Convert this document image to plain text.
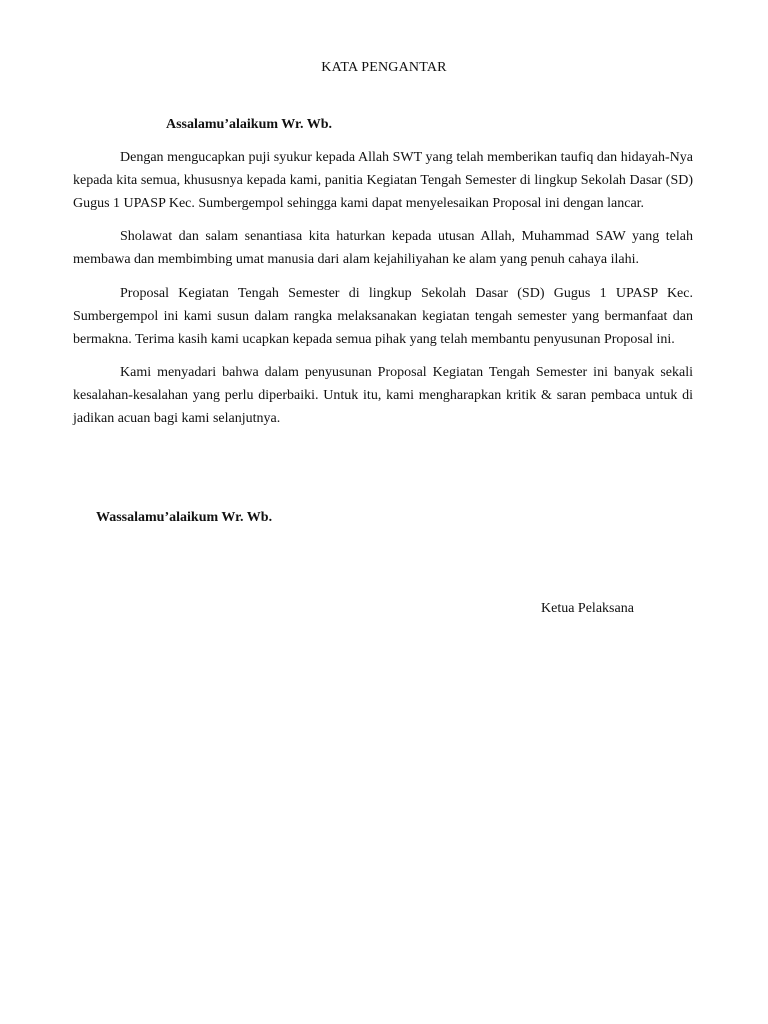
KATA PENGANTAR
Assalamu’alaikum Wr. Wb.

Dengan mengucapkan puji syukur kepada Allah SWT yang telah memberikan taufiq dan hidayah-Nya kepada kita semua, khususnya kepada kami, panitia Kegiatan Tengah Semester di lingkup Sekolah Dasar (SD) Gugus 1 UPASP Kec. Sumbergempol sehingga kami dapat menyelesaikan Proposal ini dengan lancar.

Sholawat dan salam senantiasa kita haturkan kepada utusan Allah, Muhammad SAW yang telah membawa dan membimbing umat manusia dari alam kejahiliyahan ke alam yang penuh cahaya ilahi.

Proposal Kegiatan Tengah Semester di lingkup Sekolah Dasar (SD) Gugus 1 UPASP Kec. Sumbergempol ini kami susun dalam rangka melaksanakan kegiatan tengah semester yang bermanfaat dan bermakna. Terima kasih kami ucapkan kepada semua pihak yang telah membantu penyusunan Proposal ini.

Kami menyadari bahwa dalam penyusunan Proposal Kegiatan Tengah Semester ini banyak sekali kesalahan-kesalahan yang perlu diperbaiki. Untuk itu, kami mengharapkan kritik & saran pembaca untuk di jadikan acuan bagi kami selanjutnya.

Wassalamu’alaikum Wr. Wb.
Ketua Pelaksana
